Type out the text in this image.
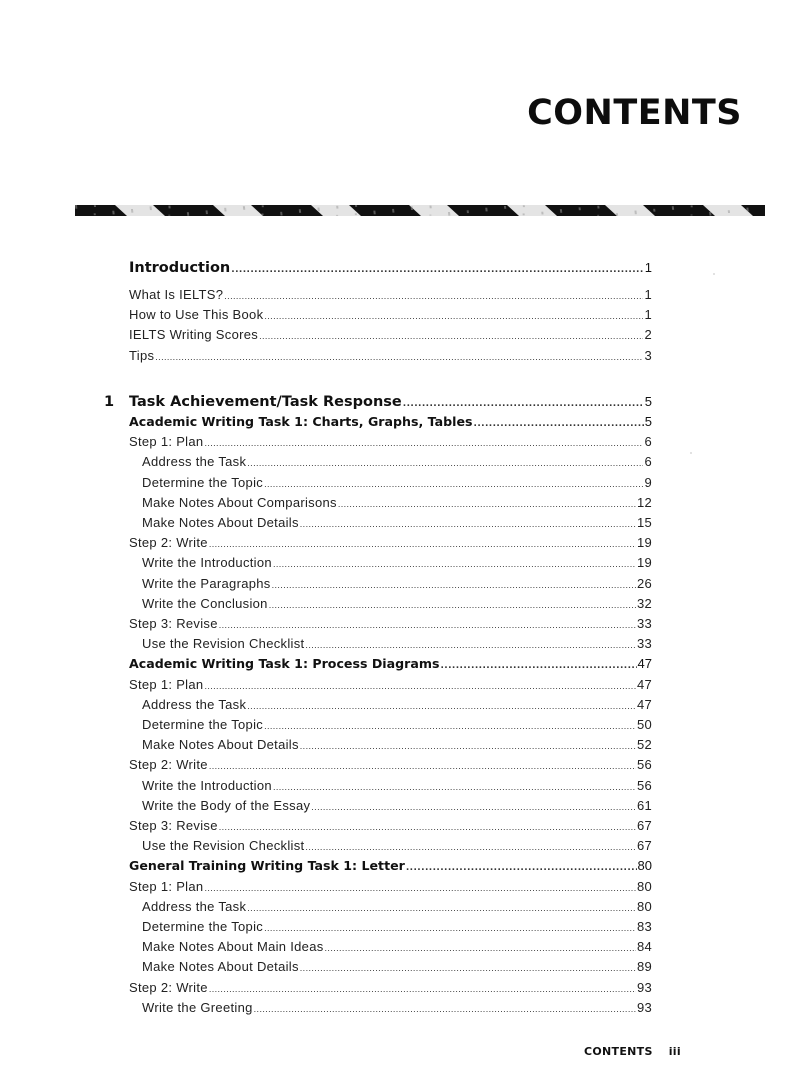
CONTENTS
Introduction .....	1
What Is IELTS? .....	1
How to Use This Book .....	1
IELTS Writing Scores .....	2
Tips .....	3
1 Task Achievement/Task Response .....	5
Academic Writing Task 1: Charts, Graphs, Tables .....	5
Step 1: Plan .....	6
Address the Task .....	6
Determine the Topic .....	9
Make Notes About Comparisons .....	12
Make Notes About Details .....	15
Step 2: Write .....	19
Write the Introduction .....	19
Write the Paragraphs .....	26
Write the Conclusion .....	32
Step 3: Revise .....	33
Use the Revision Checklist .....	33
Academic Writing Task 1: Process Diagrams .....	47
Step 1: Plan .....	47
Address the Task .....	47
Determine the Topic .....	50
Make Notes About Details .....	52
Step 2: Write .....	56
Write the Introduction .....	56
Write the Body of the Essay .....	61
Step 3: Revise .....	67
Use the Revision Checklist .....	67
General Training Writing Task 1: Letter .....	80
Step 1: Plan .....	80
Address the Task .....	80
Determine the Topic .....	83
Make Notes About Main Ideas .....	84
Make Notes About Details .....	89
Step 2: Write .....	93
Write the Greeting .....	93
CONTENTS iii
